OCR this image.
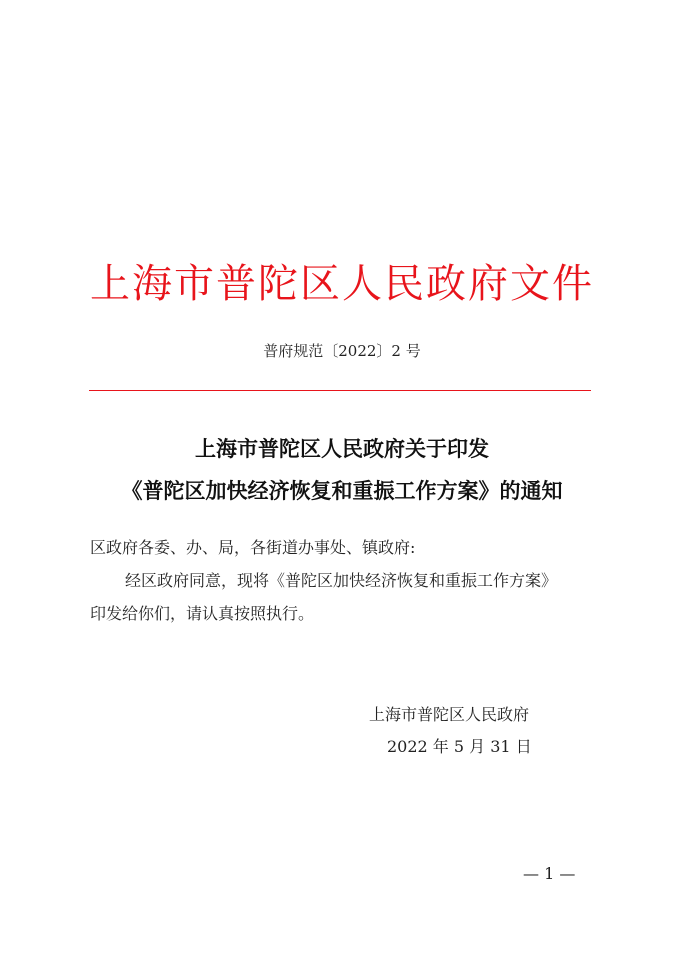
上海市普陀区人民政府文件
普府规范〔2022〕2 号
上海市普陀区人民政府关于印发
《普陀区加快经济恢复和重振工作方案》的通知
区政府各委、办、局，各街道办事处、镇政府:
经区政府同意，现将《普陀区加快经济恢复和重振工作方案》
印发给你们，请认真按照执行。
上海市普陀区人民政府
2022 年 5 月 31 日
— 1 —
